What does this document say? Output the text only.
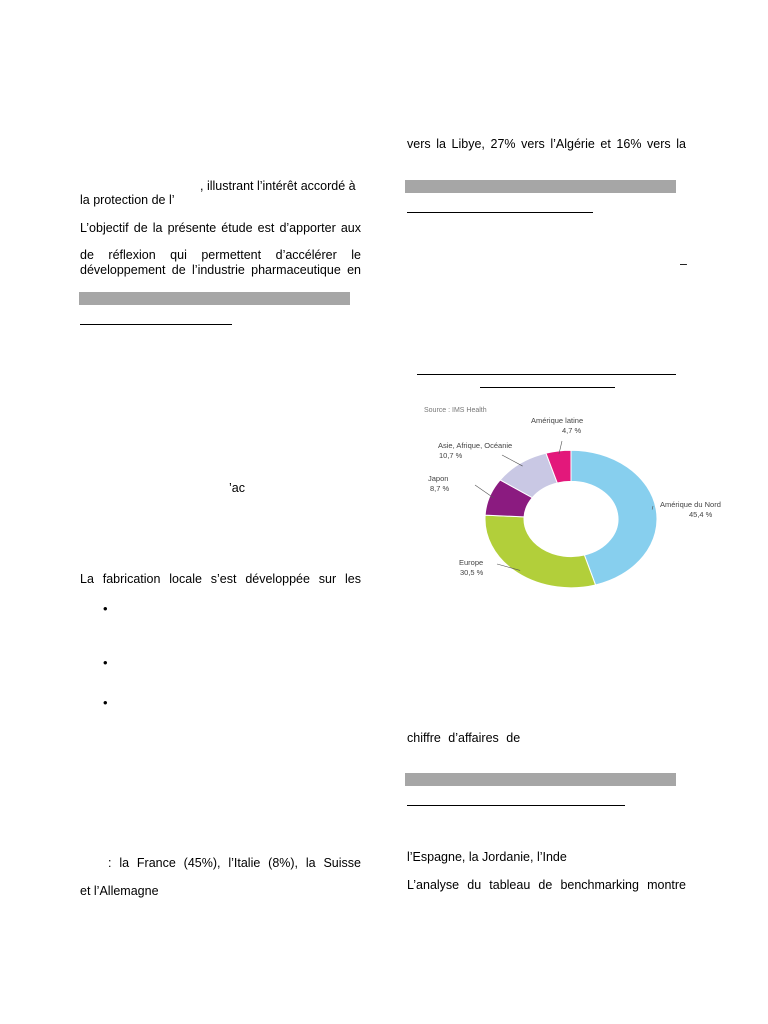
, illustrant l’intérêt accordé à
la protection de l’
L’objectif de la présente étude est d’apporter aux
de réflexion qui permettent d’accélérer le
développement de l’industrie pharmaceutique en
’ac
La fabrication locale s’est développée sur les
•
•
•
: la France (45%), l’Italie (8%), la Suisse
et l’Allemagne
vers la Libye, 27% vers l’Algérie et 16% vers la
–
Source : IMS Health
Amérique du Nord
45,4 %
Europe
30,5 %
Japon
8,7 %
Asie, Afrique, Océanie
10,7 %
Amérique latine
4,7 %
chiffre d’affaires de
l’Espagne, la Jordanie, l’Inde
L’analyse du tableau de benchmarking montre
